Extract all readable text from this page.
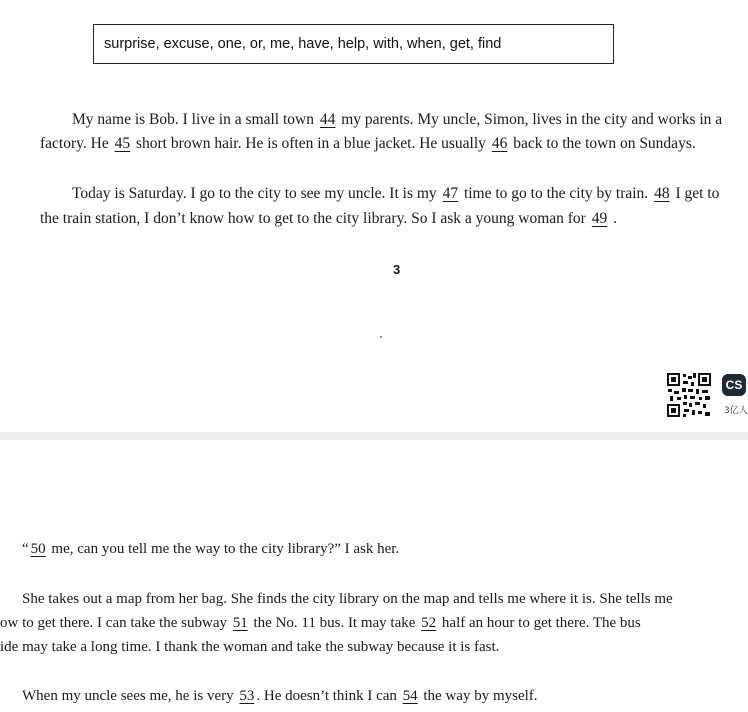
surprise, excuse, one, or, me, have, help, with, when, get, find
My name is Bob. I live in a small town 44 my parents. My uncle, Simon, lives in the city and works in a
factory. He 45 short brown hair. He is often in a blue jacket. He usually 46 back to the town on Sundays.
Today is Saturday. I go to the city to see my uncle. It is my 47 time to go to the city by train. 48 I get to
the train station, I don’t know how to get to the city library. So I ask a young woman for 49 .
3
CS
3亿人
“ 50 me, can you tell me the way to the city library?” I ask her.
She takes out a map from her bag. She finds the city library on the map and tells me where it is. She tells me
ow to get there. I can take the subway 51 the No. 11 bus. It may take 52 half an hour to get there. The bus
ide may take a long time. I thank the woman and take the subway because it is fast.
When my uncle sees me, he is very 53 . He doesn’t think I can 54 the way by myself.
